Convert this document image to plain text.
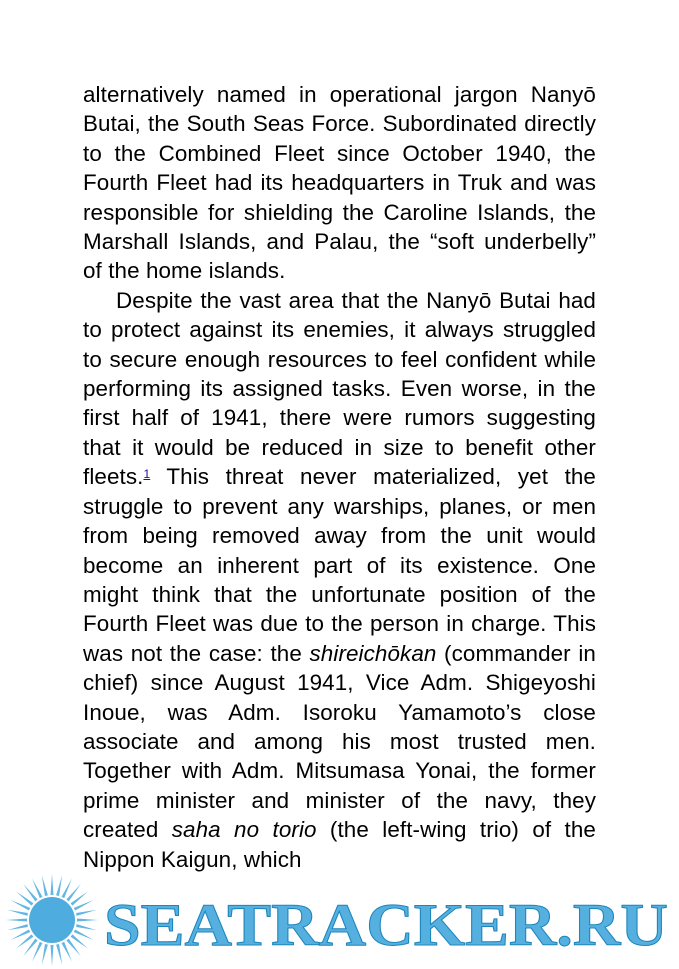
alternatively named in operational jargon Nanyō Butai, the South Seas Force. Subordinated directly to the Combined Fleet since October 1940, the Fourth Fleet had its headquarters in Truk and was responsible for shielding the Caroline Islands, the Marshall Islands, and Palau, the “soft underbelly” of the home islands.

Despite the vast area that the Nanyō Butai had to protect against its enemies, it always struggled to secure enough resources to feel confident while performing its assigned tasks. Even worse, in the first half of 1941, there were rumors suggesting that it would be reduced in size to benefit other fleets.$^1$ This threat never materialized, yet the struggle to prevent any warships, planes, or men from being removed away from the unit would become an inherent part of its existence. One might think that the unfortunate position of the Fourth Fleet was due to the person in charge. This was not the case: the shireichōkan (commander in chief) since August 1941, Vice Adm. Shigeyoshi Inoue, was Adm. Isoroku Yamamoto’s close associate and among his most trusted men. Together with Adm. Mitsumasa Yonai, the former prime minister and minister of the navy, they created saha no torio (the left-wing trio) of the Nippon Kaigun, which

SEATRACKER.RU
